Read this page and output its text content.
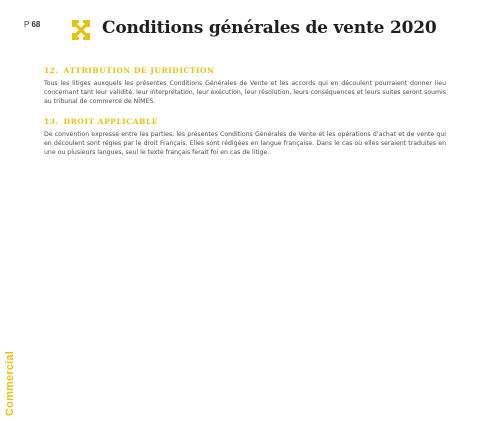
P 68	Conditions générales de vente 2020
12. ATTRIBUTION DE JURIDICTION

Tous les litiges auxquels les présentes Conditions Générales de Vente et les accords qui en découlent pourraient donner lieu concernant tant leur validité, leur interprétation, leur exécution, leur résolution, leurs conséquences et leurs suites seront soumis au tribunal de commerce de NÎMES.

13. DROIT APPLICABLE

De convention expresse entre les parties, les présentes Conditions Générales de Vente et les opérations d’achat et de vente qui en découlent sont régies par le droit Français. Elles sont rédigées en langue française. Dans le cas où elles seraient traduites en une ou plusieurs langues, seul le texte français ferait foi en cas de litige.

Commercial
